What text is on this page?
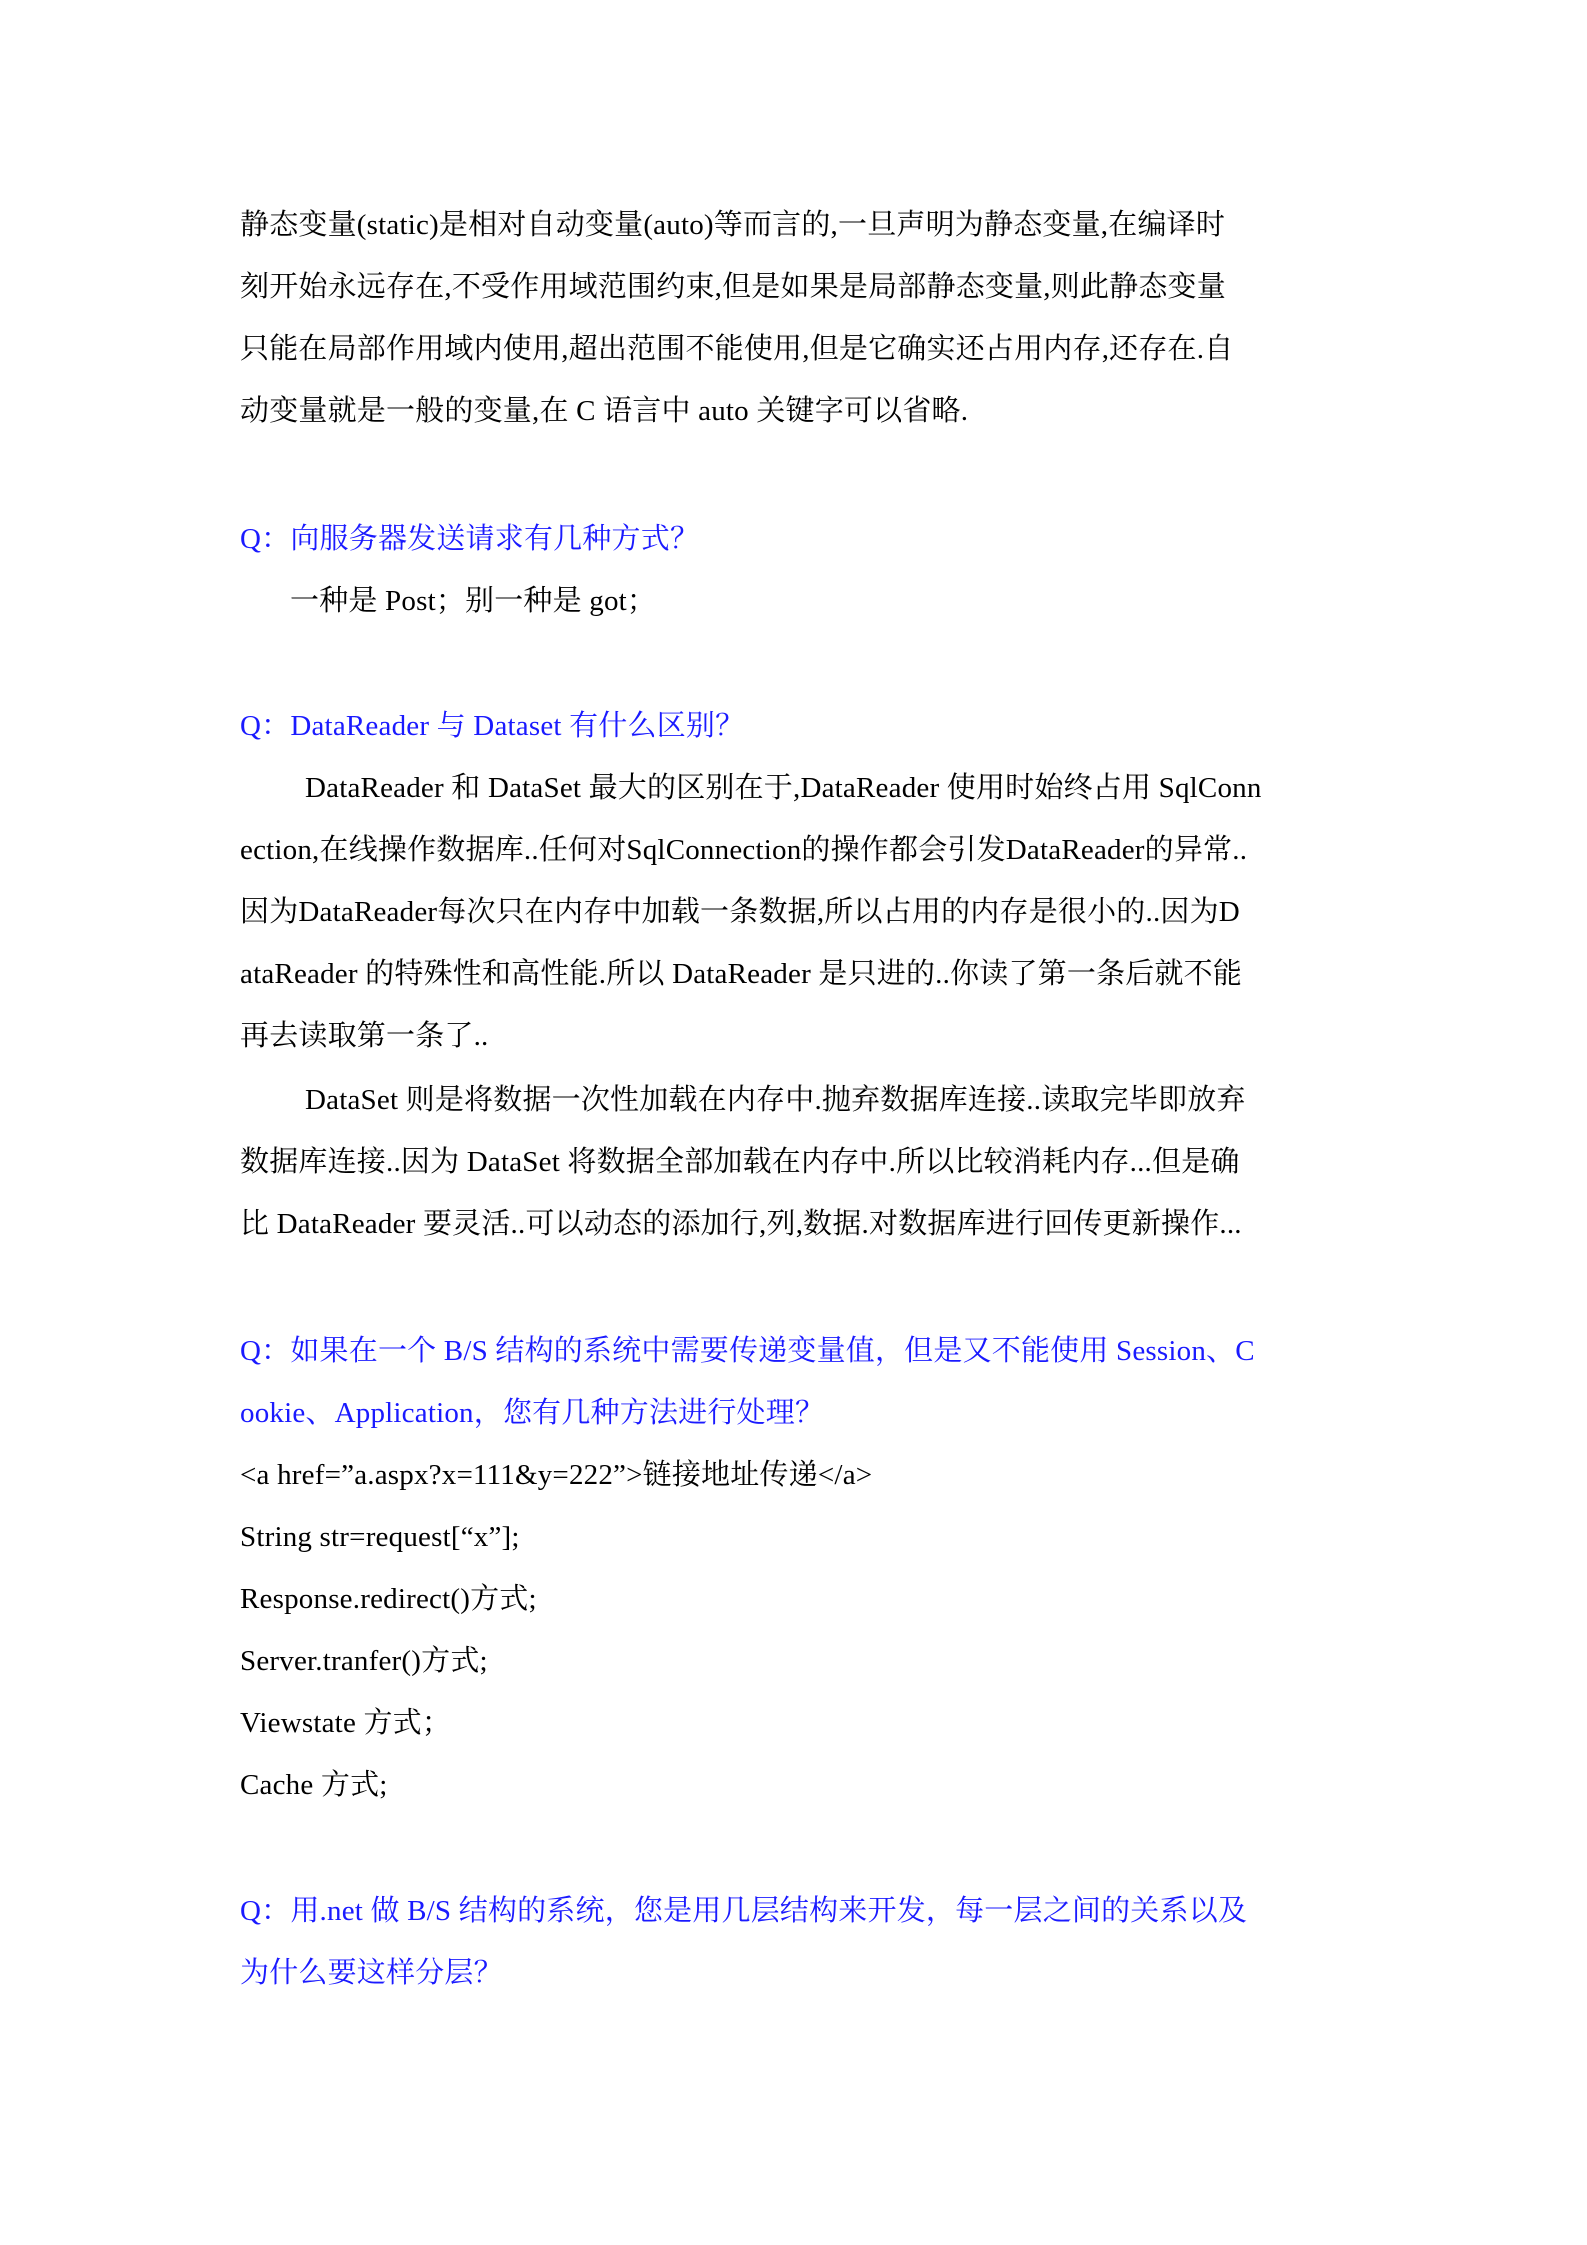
静态变量(static)是相对自动变量(auto)等而言的,一旦声明为静态变量,在编译时
刻开始永远存在,不受作用域范围约束,但是如果是局部静态变量,则此静态变量
只能在局部作用域内使用,超出范围不能使用,但是它确实还占用内存,还存在.自
动变量就是一般的变量,在 C 语言中 auto 关键字可以省略.
Q：向服务器发送请求有几种方式？
一种是 Post；别一种是 got；
Q：DataReader 与 Dataset 有什么区别？
DataReader 和 DataSet 最大的区别在于,DataReader 使用时始终占用 SqlConn
ection,在线操作数据库..任何对SqlConnection的操作都会引发DataReader的异常..
因为DataReader每次只在内存中加载一条数据,所以占用的内存是很小的..因为D
ataReader 的特殊性和高性能.所以 DataReader 是只进的..你读了第一条后就不能
再去读取第一条了..
DataSet 则是将数据一次性加载在内存中.抛弃数据库连接..读取完毕即放弃
数据库连接..因为 DataSet 将数据全部加载在内存中.所以比较消耗内存...但是确
比 DataReader 要灵活..可以动态的添加行,列,数据.对数据库进行回传更新操作...
Q：如果在一个 B/S 结构的系统中需要传递变量值，但是又不能使用 Session、C
ookie、Application，您有几种方法进行处理？
<a href=”a.aspx?x=111&y=222”>链接地址传递</a>
String str=request[“x”];
Response.redirect()方式;
Server.tranfer()方式;
Viewstate 方式；
Cache 方式;
Q：用.net 做 B/S 结构的系统，您是用几层结构来开发，每一层之间的关系以及
为什么要这样分层？
